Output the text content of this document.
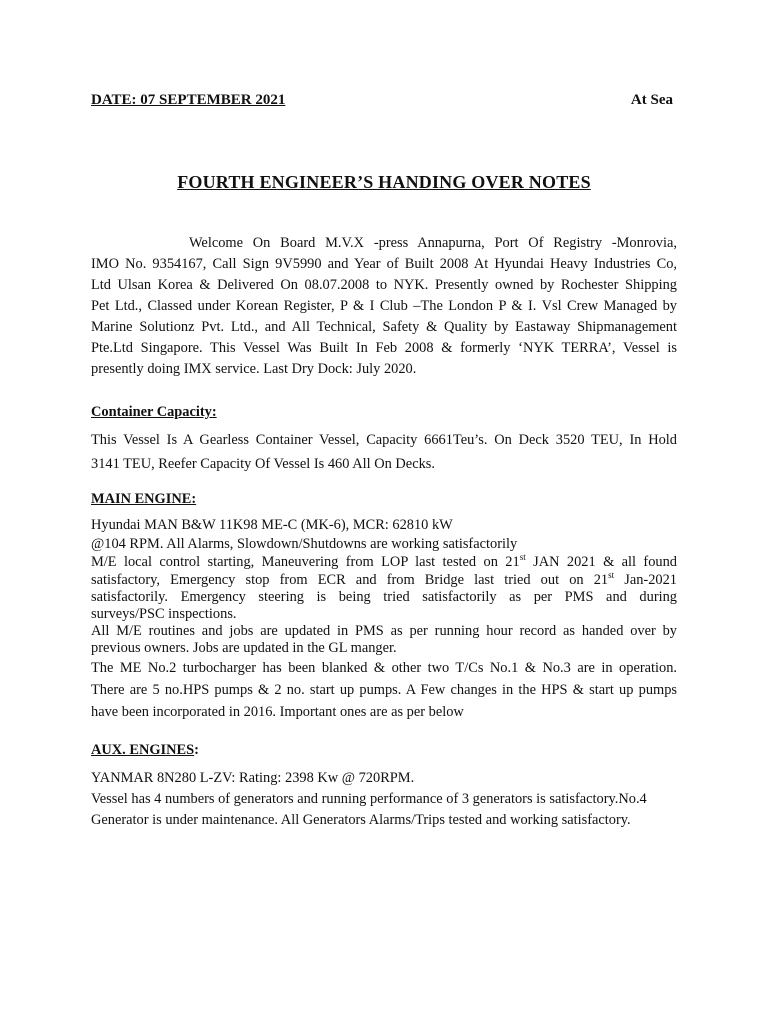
DATE: 07 SEPTEMBER 2021	At Sea
FOURTH ENGINEER’S HANDING OVER NOTES
Welcome On Board M.V.X -press Annapurna, Port Of Registry -Monrovia,
IMO No. 9354167, Call Sign 9V5990 and Year of Built 2008 At Hyundai Heavy Industries Co,
Ltd Ulsan Korea & Delivered On 08.07.2008 to NYK. Presently owned by Rochester Shipping
Pet Ltd., Classed under Korean Register, P & I Club –The London P & I. Vsl Crew Managed by
Marine Solutionz Pvt. Ltd., and All Technical, Safety & Quality by Eastaway Shipmanagement
Pte.Ltd Singapore. This Vessel Was Built In Feb 2008 & formerly ‘NYK TERRA’, Vessel is
presently doing IMX service. Last Dry Dock: July 2020.
Container Capacity:
This Vessel Is A Gearless Container Vessel, Capacity 6661Teu’s. On Deck 3520 TEU, In Hold
3141 TEU, Reefer Capacity Of Vessel Is 460 All On Decks.
MAIN ENGINE:
Hyundai MAN B&W 11K98 ME-C (MK-6), MCR: 62810 kW
@104 RPM. All Alarms, Slowdown/Shutdowns are working satisfactorily
M/E local control starting, Maneuvering from LOP last tested on 21st JAN 2021 & all found
satisfactory, Emergency stop from ECR and from Bridge last tried out on 21st Jan-2021
satisfactorily. Emergency steering is being tried satisfactorily as per PMS and during
surveys/PSC inspections.
All M/E routines and jobs are updated in PMS as per running hour record as handed over by
previous owners. Jobs are updated in the GL manger.
The ME No.2 turbocharger has been blanked & other two T/Cs No.1 & No.3 are in operation.
There are 5 no.HPS pumps & 2 no. start up pumps. A Few changes in the HPS & start up pumps
have been incorporated in 2016. Important ones are as per below
AUX. ENGINES:
YANMAR 8N280 L-ZV: Rating: 2398 Kw @ 720RPM.
Vessel has 4 numbers of generators and running performance of 3 generators is satisfactory.No.4
Generator is under maintenance. All Generators Alarms/Trips tested and working satisfactory.
